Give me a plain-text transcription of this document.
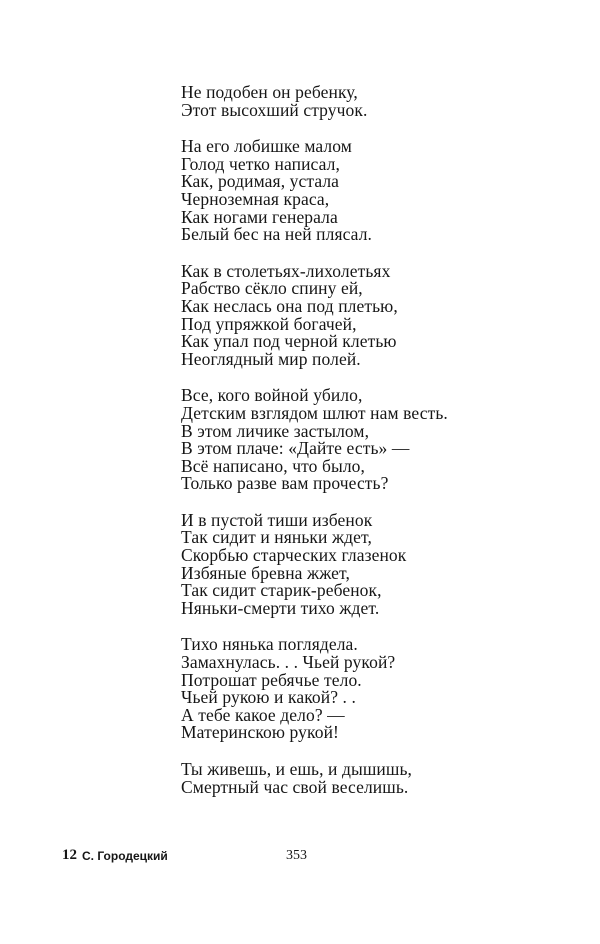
Не подобен он ребенку,
Этот высохший стручок.
На его лобишке малом
Голод четко написал,
Как, родимая, устала
Черноземная краса,
Как ногами генерала
Белый бес на ней плясал.
Как в столетьях-лихолетьях
Рабство сёкло спину ей,
Как неслась она под плетью,
Под упряжкой богачей,
Как упал под черной клетью
Неоглядный мир полей.
Все, кого войной убило,
Детским взглядом шлют нам весть.
В этом личике застылом,
В этом плаче: «Дайте есть» —
Всё написано, что было,
Только разве вам прочесть?
И в пустой тиши избенок
Так сидит и няньки ждет,
Скорбью старческих глазенок
Избяные бревна жжет,
Так сидит старик-ребенок,
Няньки-смерти тихо ждет.
Тихо нянька поглядела.
Замахнулась. . . Чьей рукой?
Потрошат ребячье тело.
Чьей рукою и какой? . .
А тебе какое дело? —
Материнскою рукой!
Ты живешь, и ешь, и дышишь,
Смертный час свой веселишь.
12 С. Городецкий	353
